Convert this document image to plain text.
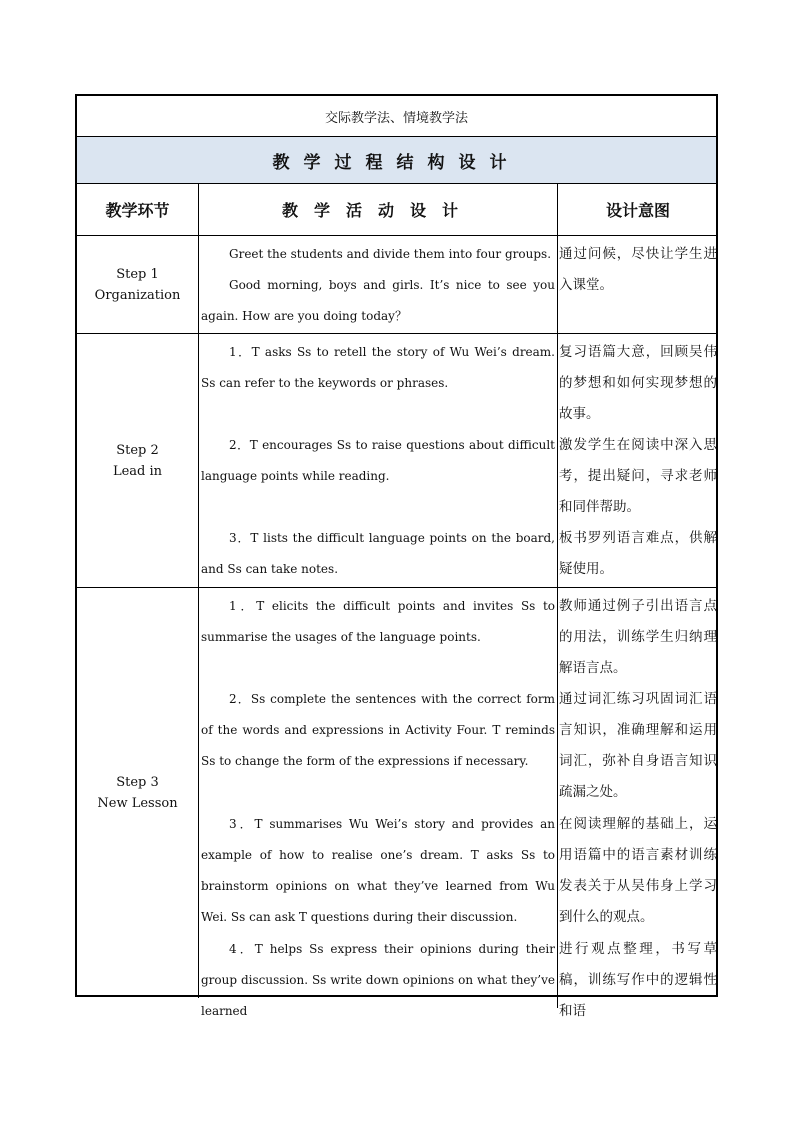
交际教学法、情境教学法
教学过程结构设计
教学环节	教学活动设计	设计意图
Step 1
Organization

Greet the students and divide them into four groups.

Good morning, boys and girls. It’s nice to see you again. How are you doing today？

通过问候，尽快让学生进入课堂。

Step 2
Lead in

1．T asks Ss to retell the story of Wu Wei’s dream. Ss can refer to the keywords or phrases.

2．T encourages Ss to raise questions about difficult language points while reading.

3．T lists the difficult language points on the board, and Ss can take notes.

复习语篇大意，回顾吴伟的梦想和如何实现梦想的故事。

激发学生在阅读中深入思考，提出疑问，寻求老师和同伴帮助。

板书罗列语言难点，供解疑使用。

Step 3
New Lesson

1．T elicits the difficult points and invites Ss to summarise the usages of the language points.

2．Ss complete the sentences with the correct form of the words and expressions in Activity Four. T reminds Ss to change the form of the expressions if necessary.

3．T summarises Wu Wei’s story and provides an example of how to realise one’s dream. T asks Ss to brainstorm opinions on what they’ve learned from Wu Wei. Ss can ask T questions during their discussion.

4．T helps Ss express their opinions during their group discussion. Ss write down opinions on what they’ve learned

教师通过例子引出语言点的用法，训练学生归纳理解语言点。

通过词汇练习巩固词汇语言知识，准确理解和运用词汇，弥补自身语言知识疏漏之处。

在阅读理解的基础上，运用语篇中的语言素材训练发表关于从吴伟身上学习到什么的观点。

进行观点整理，书写草稿，训练写作中的逻辑性和语
